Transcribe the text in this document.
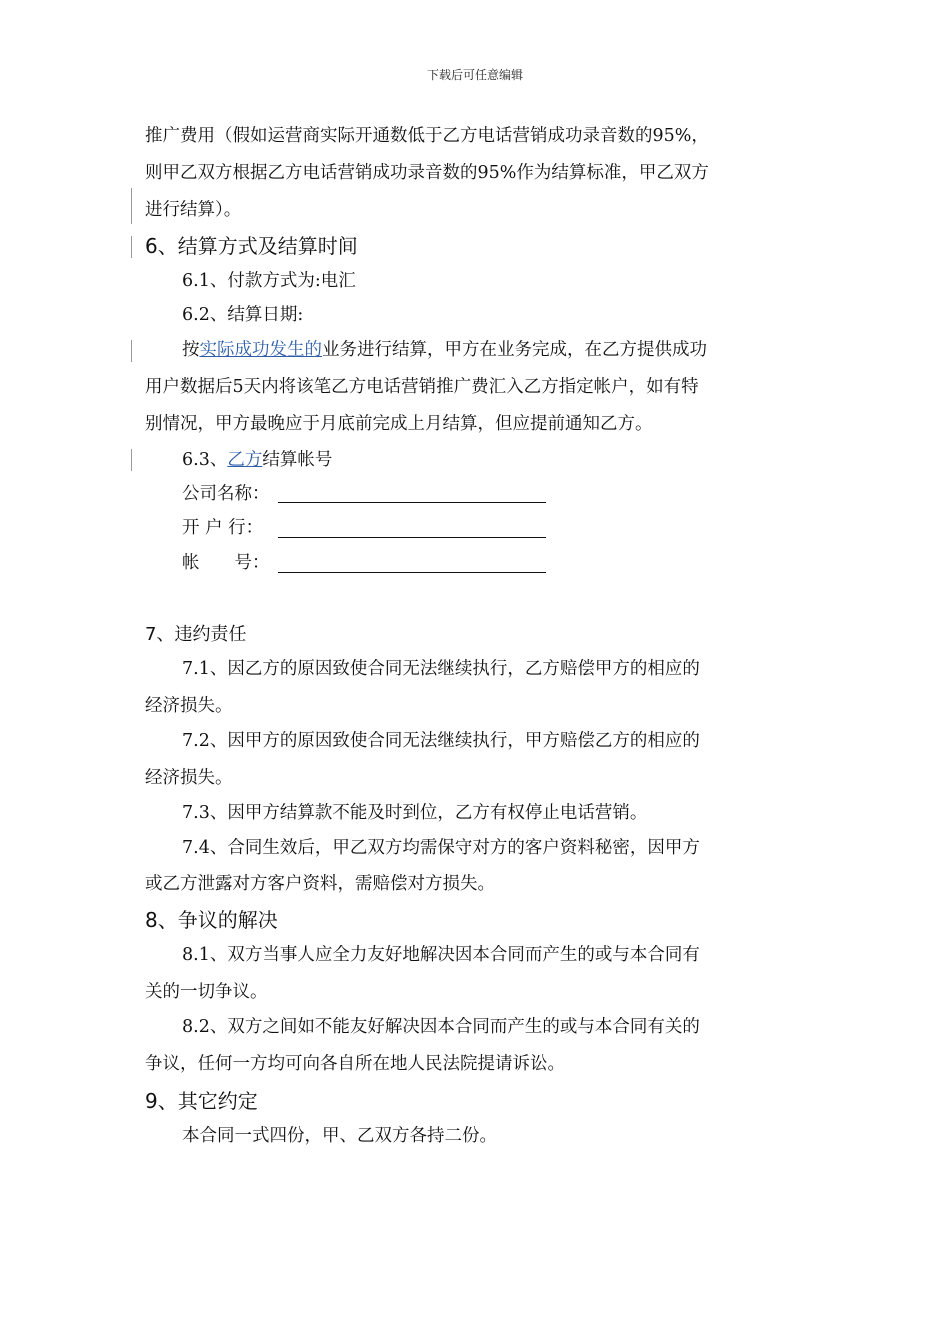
下载后可任意编辑
推广费用（假如运营商实际开通数低于乙方电话营销成功录音数的95%，
则甲乙双方根据乙方电话营销成功录音数的95%作为结算标准，甲乙双方
进行结算）。
6、结算方式及结算时间
6.1、付款方式为:电汇
6.2、结算日期:
按实际成功发生的业务进行结算，甲方在业务完成，在乙方提供成功
用户数据后5天内将该笔乙方电话营销推广费汇入乙方指定帐户，如有特
别情况，甲方最晚应于月底前完成上月结算，但应提前通知乙方。
6.3、乙方结算帐号
公司名称：
开 户 行：
帐　　号：
7、违约责任
7.1、因乙方的原因致使合同无法继续执行，乙方赔偿甲方的相应的
经济损失。
7.2、因甲方的原因致使合同无法继续执行，甲方赔偿乙方的相应的
经济损失。
7.3、因甲方结算款不能及时到位，乙方有权停止电话营销。
7.4、合同生效后，甲乙双方均需保守对方的客户资料秘密，因甲方
或乙方泄露对方客户资料，需赔偿对方损失。
8、争议的解决
8.1、双方当事人应全力友好地解决因本合同而产生的或与本合同有
关的一切争议。
8.2、双方之间如不能友好解决因本合同而产生的或与本合同有关的
争议，任何一方均可向各自所在地人民法院提请诉讼。
9、其它约定
本合同一式四份，甲、乙双方各持二份。
